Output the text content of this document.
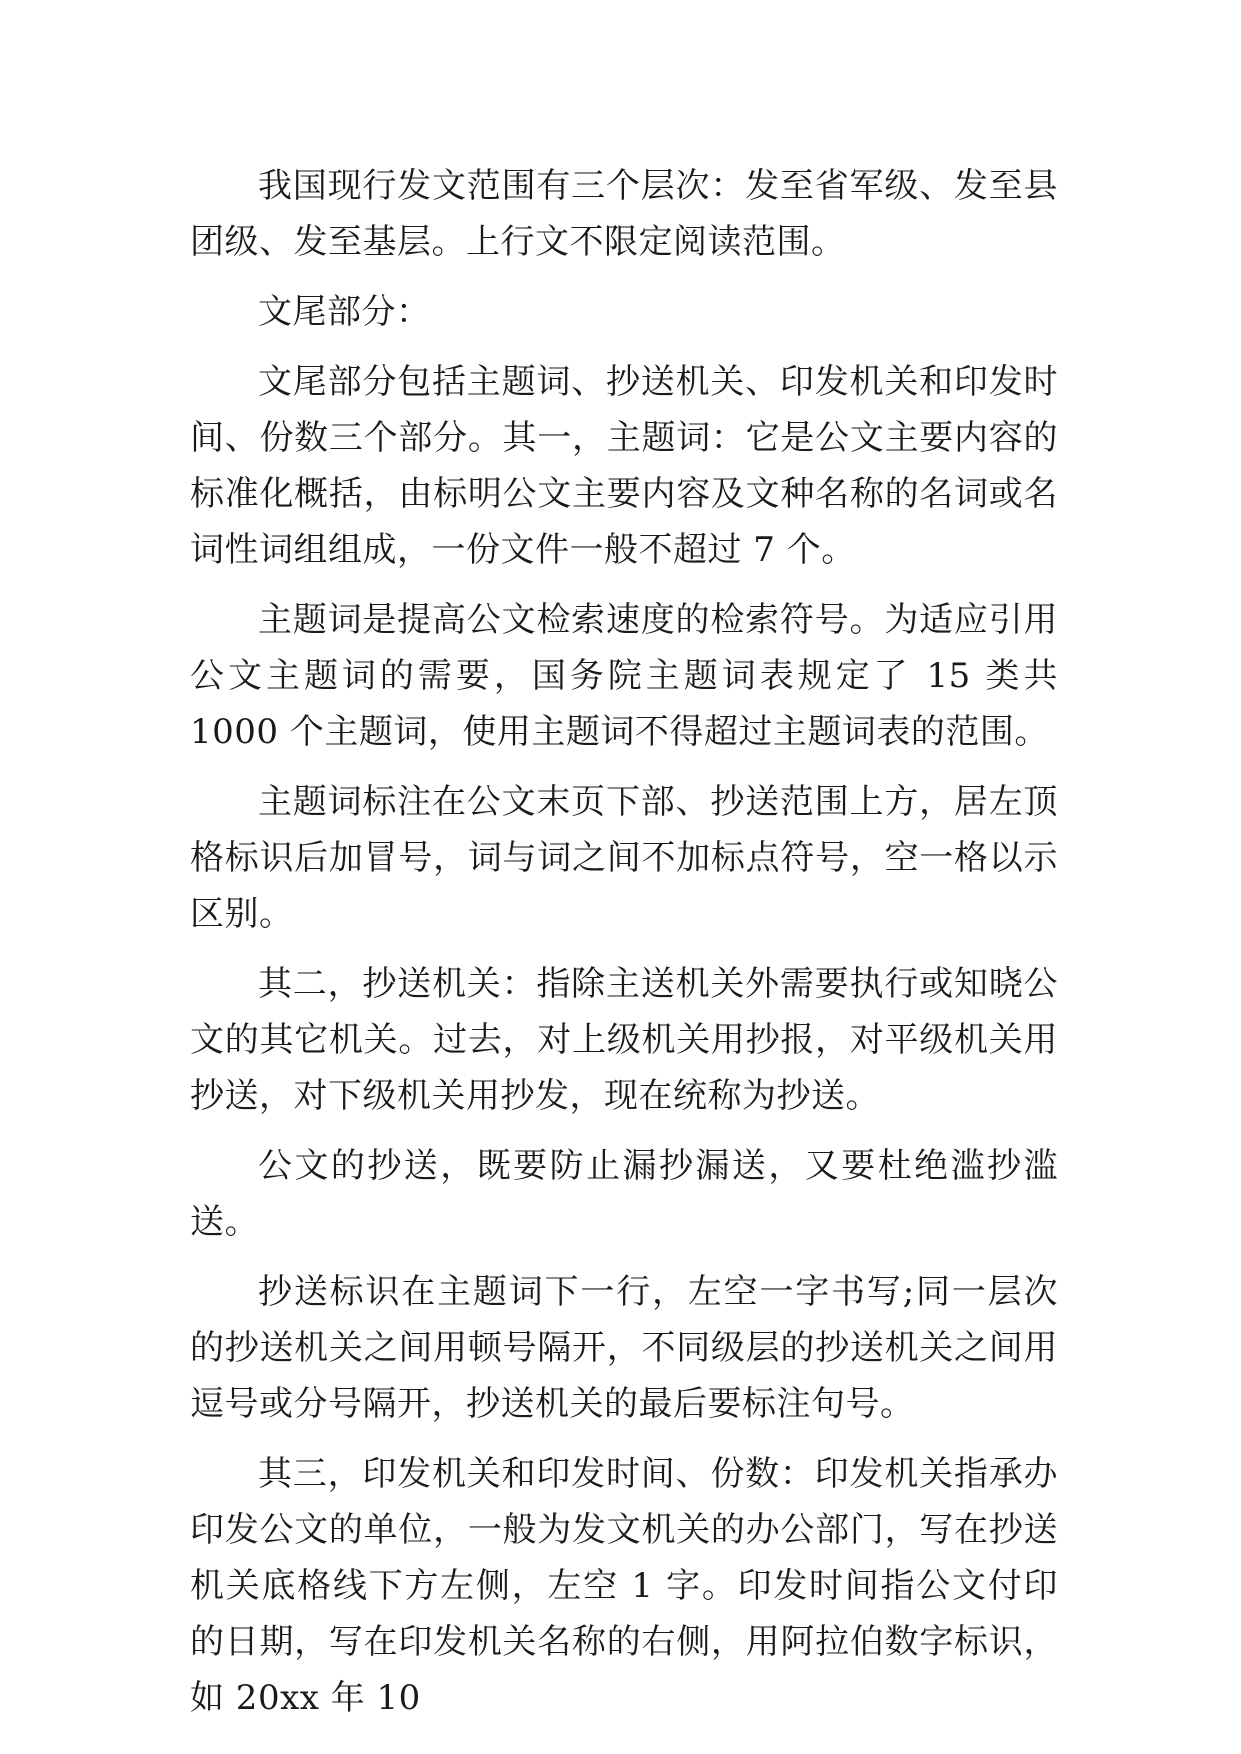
我国现行发文范围有三个层次：发至省军级、发至县团级、发至基层。上行文不限定阅读范围。

文尾部分：

文尾部分包括主题词、抄送机关、印发机关和印发时间、份数三个部分。其一，主题词：它是公文主要内容的标准化概括，由标明公文主要内容及文种名称的名词或名词性词组组成，一份文件一般不超过 7 个。

主题词是提高公文检索速度的检索符号。为适应引用公文主题词的需要，国务院主题词表规定了 15 类共 1000 个主题词，使用主题词不得超过主题词表的范围。

主题词标注在公文末页下部、抄送范围上方，居左顶格标识后加冒号，词与词之间不加标点符号，空一格以示区别。

其二，抄送机关：指除主送机关外需要执行或知晓公文的其它机关。过去，对上级机关用抄报，对平级机关用抄送，对下级机关用抄发，现在统称为抄送。

公文的抄送，既要防止漏抄漏送，又要杜绝滥抄滥送。

抄送标识在主题词下一行，左空一字书写;同一层次的抄送机关之间用顿号隔开，不同级层的抄送机关之间用逗号或分号隔开，抄送机关的最后要标注句号。

其三，印发机关和印发时间、份数：印发机关指承办印发公文的单位，一般为发文机关的办公部门，写在抄送机关底格线下方左侧，左空 1 字。印发时间指公文付印的日期，写在印发机关名称的右侧，用阿拉伯数字标识，如 20xx 年 10
